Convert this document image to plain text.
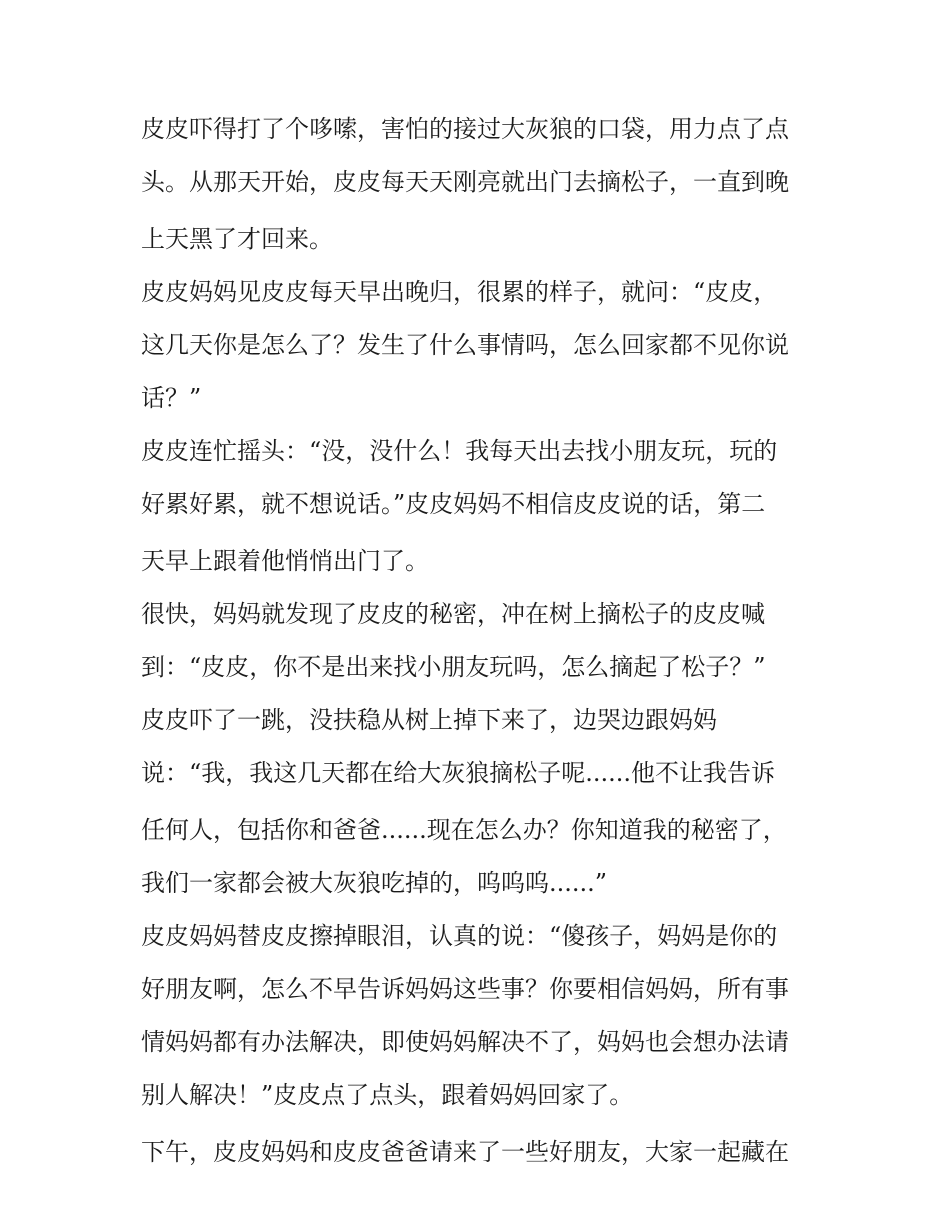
皮皮吓得打了个哆嗦，害怕的接过大灰狼的口袋，用力点了点

头。从那天开始，皮皮每天天刚亮就出门去摘松子，一直到晚

上天黑了才回来。

皮皮妈妈见皮皮每天早出晚归，很累的样子，就问：“皮皮，

这几天你是怎么了？发生了什么事情吗，怎么回家都不见你说

话？”

皮皮连忙摇头：“没，没什么！我每天出去找小朋友玩，玩的

好累好累，就不想说话。”皮皮妈妈不相信皮皮说的话，第二

天早上跟着他悄悄出门了。

很快，妈妈就发现了皮皮的秘密，冲在树上摘松子的皮皮喊

到：“皮皮，你不是出来找小朋友玩吗，怎么摘起了松子？”

皮皮吓了一跳，没扶稳从树上掉下来了，边哭边跟妈妈

说：“我，我这几天都在给大灰狼摘松子呢......他不让我告诉

任何人，包括你和爸爸......现在怎么办？你知道我的秘密了，

我们一家都会被大灰狼吃掉的，呜呜呜......”

皮皮妈妈替皮皮擦掉眼泪，认真的说：“傻孩子，妈妈是你的

好朋友啊，怎么不早告诉妈妈这些事？你要相信妈妈，所有事

情妈妈都有办法解决，即使妈妈解决不了，妈妈也会想办法请

别人解决！”皮皮点了点头，跟着妈妈回家了。

下午，皮皮妈妈和皮皮爸爸请来了一些好朋友，大家一起藏在
